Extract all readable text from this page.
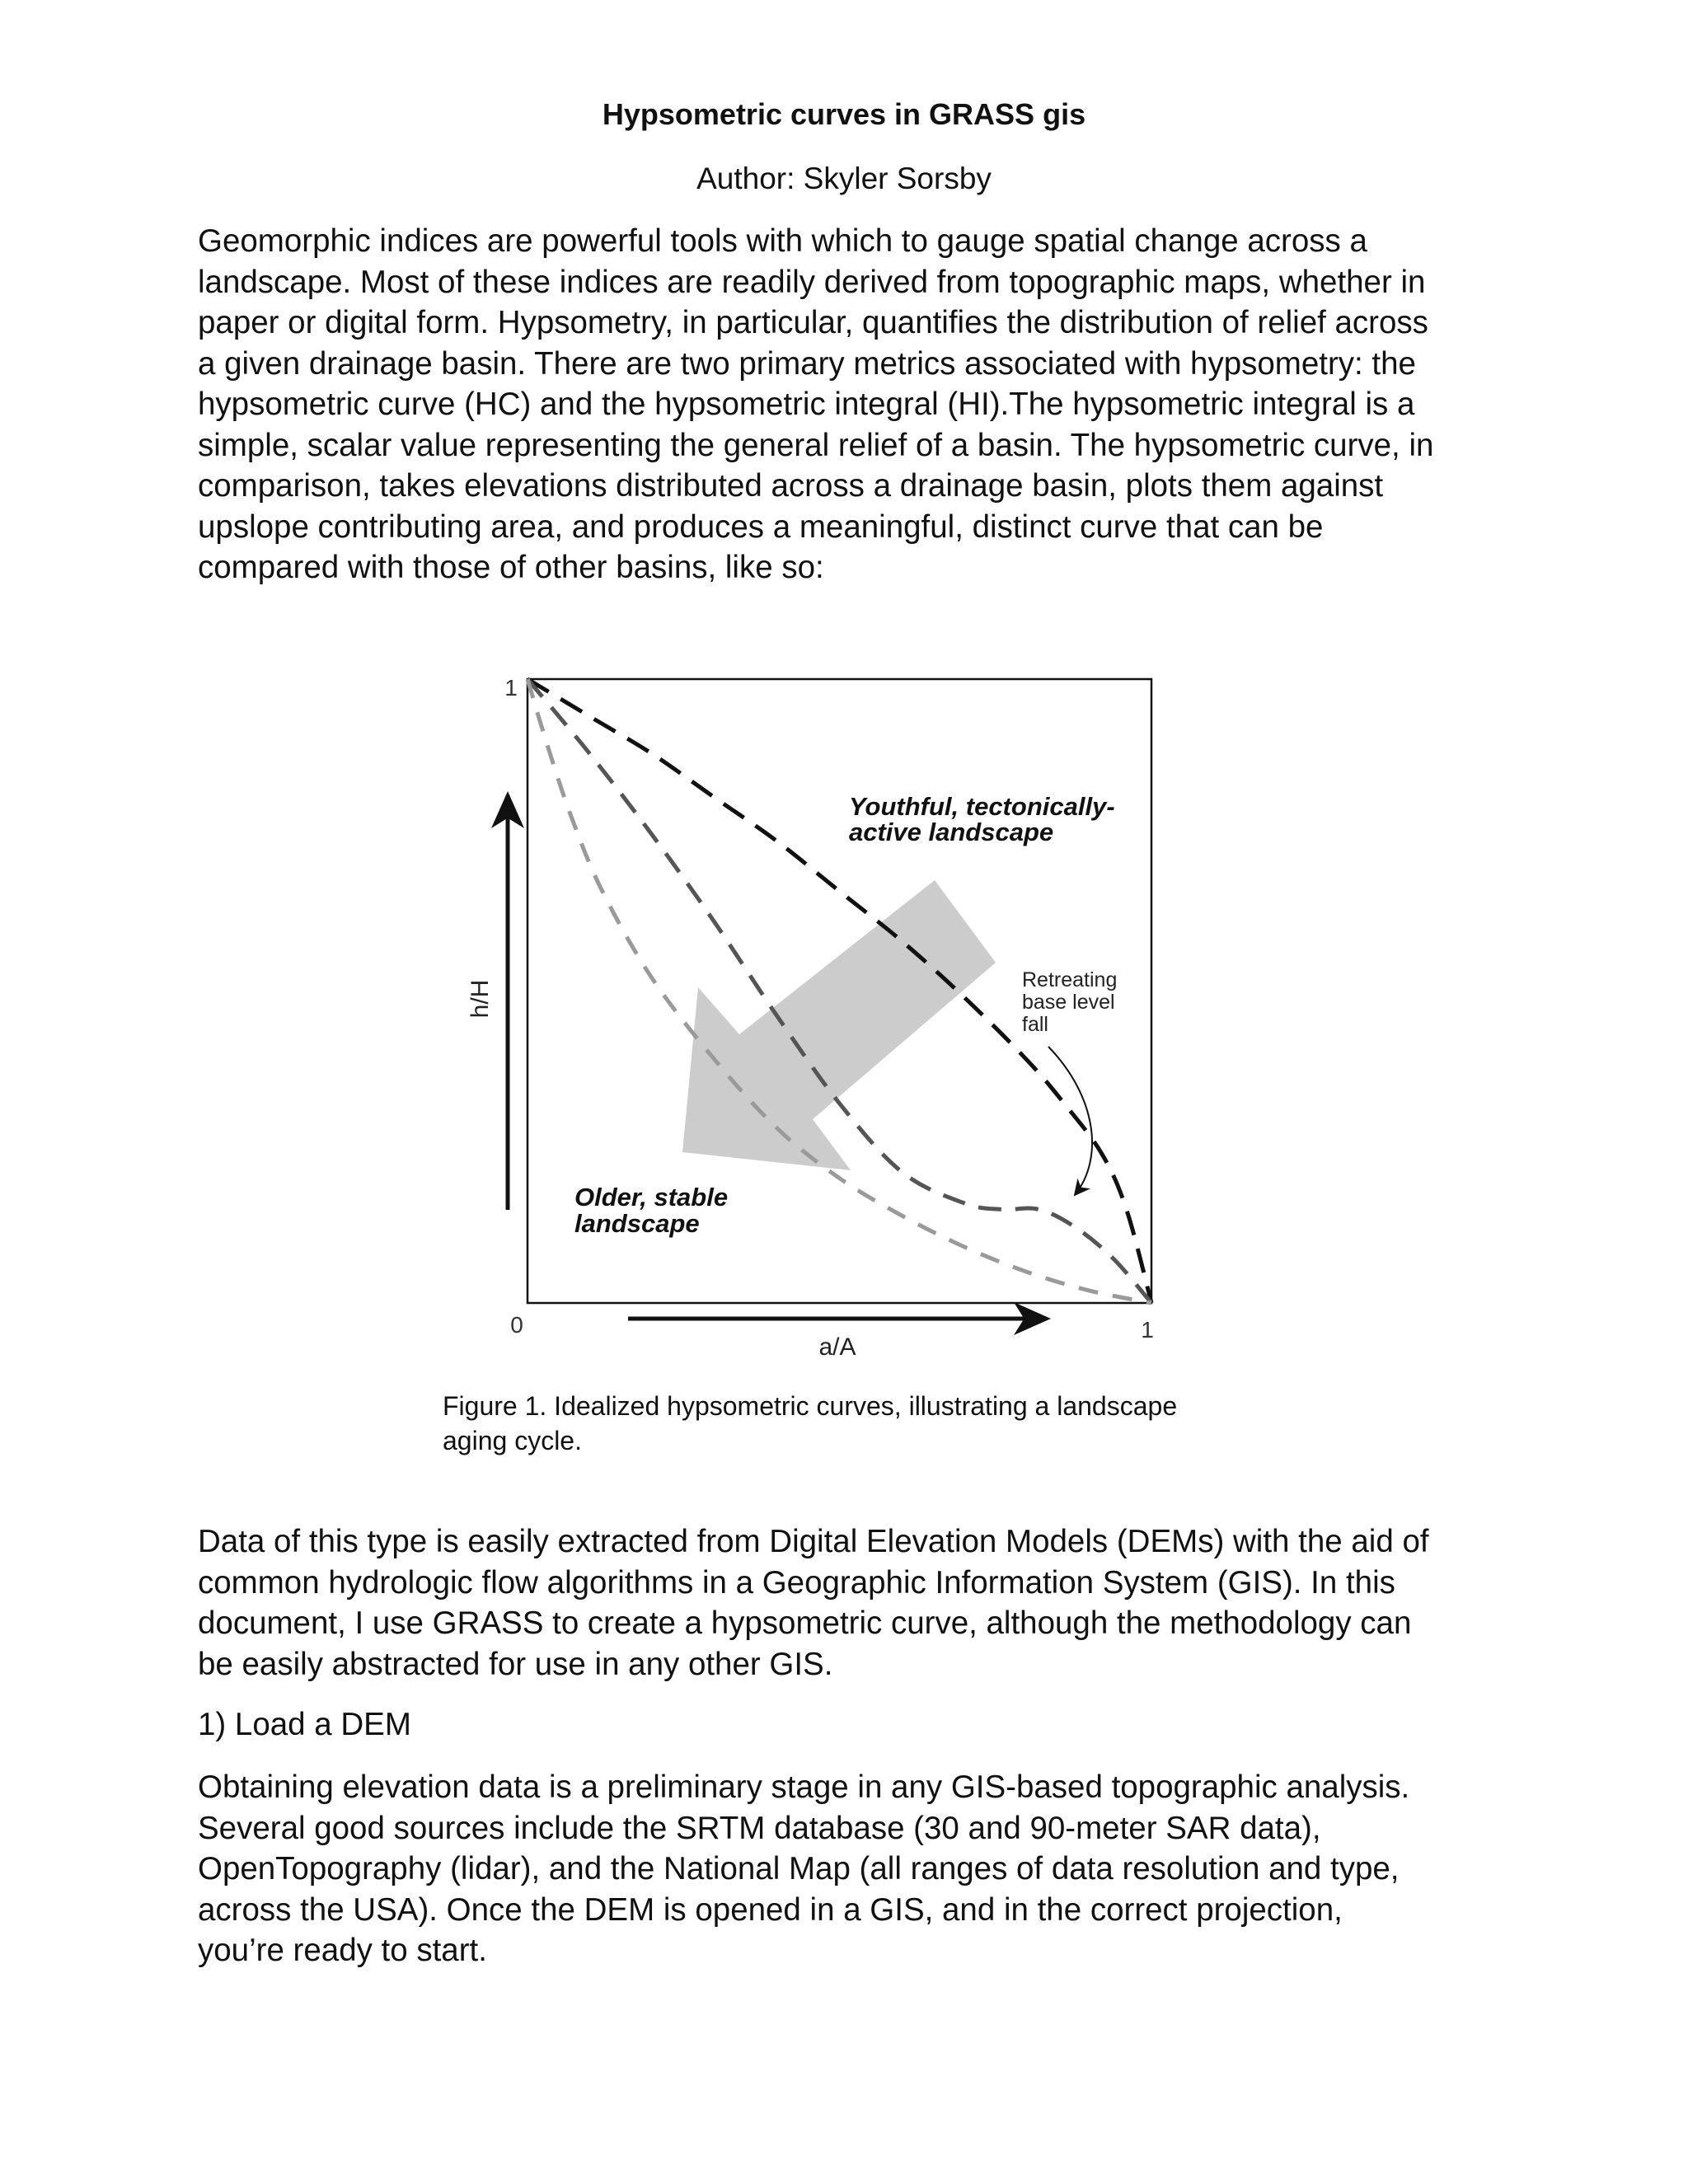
Hypsometric curves in GRASS gis
Author: Skyler Sorsby

Geomorphic indices are powerful tools with which to gauge spatial change across a
landscape. Most of these indices are readily derived from topographic maps, whether in
paper or digital form. Hypsometry, in particular, quantifies the distribution of relief across
a given drainage basin. There are two primary metrics associated with hypsometry: the
hypsometric curve (HC) and the hypsometric integral (HI).The hypsometric integral is a
simple, scalar value representing the general relief of a basin. The hypsometric curve, in
comparison, takes elevations distributed across a drainage basin, plots them against
upslope contributing area, and produces a meaningful, distinct curve that can be
compared with those of other basins, like so:

1
0	1
a/A
h/H
Youthful, tectonically-
active landscape
Older, stable
landscape
Retreating
base level
fall

Figure 1. Idealized hypsometric curves, illustrating a landscape
aging cycle.

Data of this type is easily extracted from Digital Elevation Models (DEMs) with the aid of
common hydrologic flow algorithms in a Geographic Information System (GIS). In this
document, I use GRASS to create a hypsometric curve, although the methodology can
be easily abstracted for use in any other GIS.

1) Load a DEM

Obtaining elevation data is a preliminary stage in any GIS-based topographic analysis.
Several good sources include the SRTM database (30 and 90-meter SAR data),
OpenTopography (lidar), and the National Map (all ranges of data resolution and type,
across the USA). Once the DEM is opened in a GIS, and in the correct projection,
you’re ready to start.
